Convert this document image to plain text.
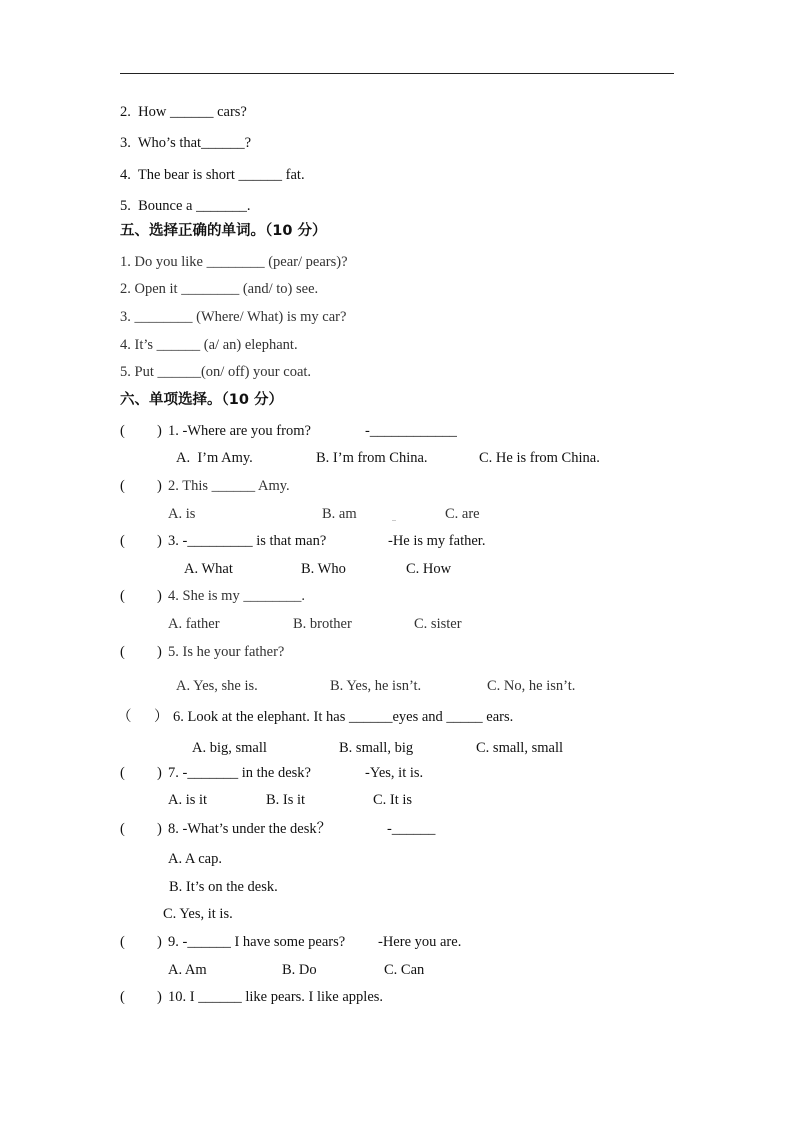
2.  How ______ cars?
3.  Who’s that______?
4.  The bear is short ______ fat.
5.  Bounce a _______.
五、选择正确的单词。（10 分）
1. Do you like ________ (pear/ pears)?
2. Open it ________ (and/ to) see.
3. ________ (Where/ What) is my car?
4. It’s ______ (a/ an) elephant.
5. Put ______(on/ off) your coat.
六、单项选择。（10 分）
( ) 1. -Where are you from?	-____________
A.  I’m Amy.	B. I’m from China.	C. He is from China.
( ) 2. This ______ Amy.
A. is	B. am	..	C. are
( ) 3. -_________ is that man?	-He is my father.
A. What	B. Who	C. How
( ) 4. She is my ________.
A. father	B. brother	C. sister
( ) 5. Is he your father?
A. Yes, she is.	B. Yes, he isn’t.	C. No, he isn’t.
（ ） 6. Look at the elephant. It has ______eyes and _____ ears.
A. big, small	B. small, big	C. small, small
( ) 7. -_______ in the desk?	-Yes, it is.
A. is it	B. Is it	C. It is
( ) 8. -What’s under the desk？	-______
A. A cap.
B. It’s on the desk.
C. Yes, it is.
( ) 9. -______ I have some pears? -Here you are.
A. Am	B. Do	C. Can
( ) 10. I ______ like pears. I like apples.
